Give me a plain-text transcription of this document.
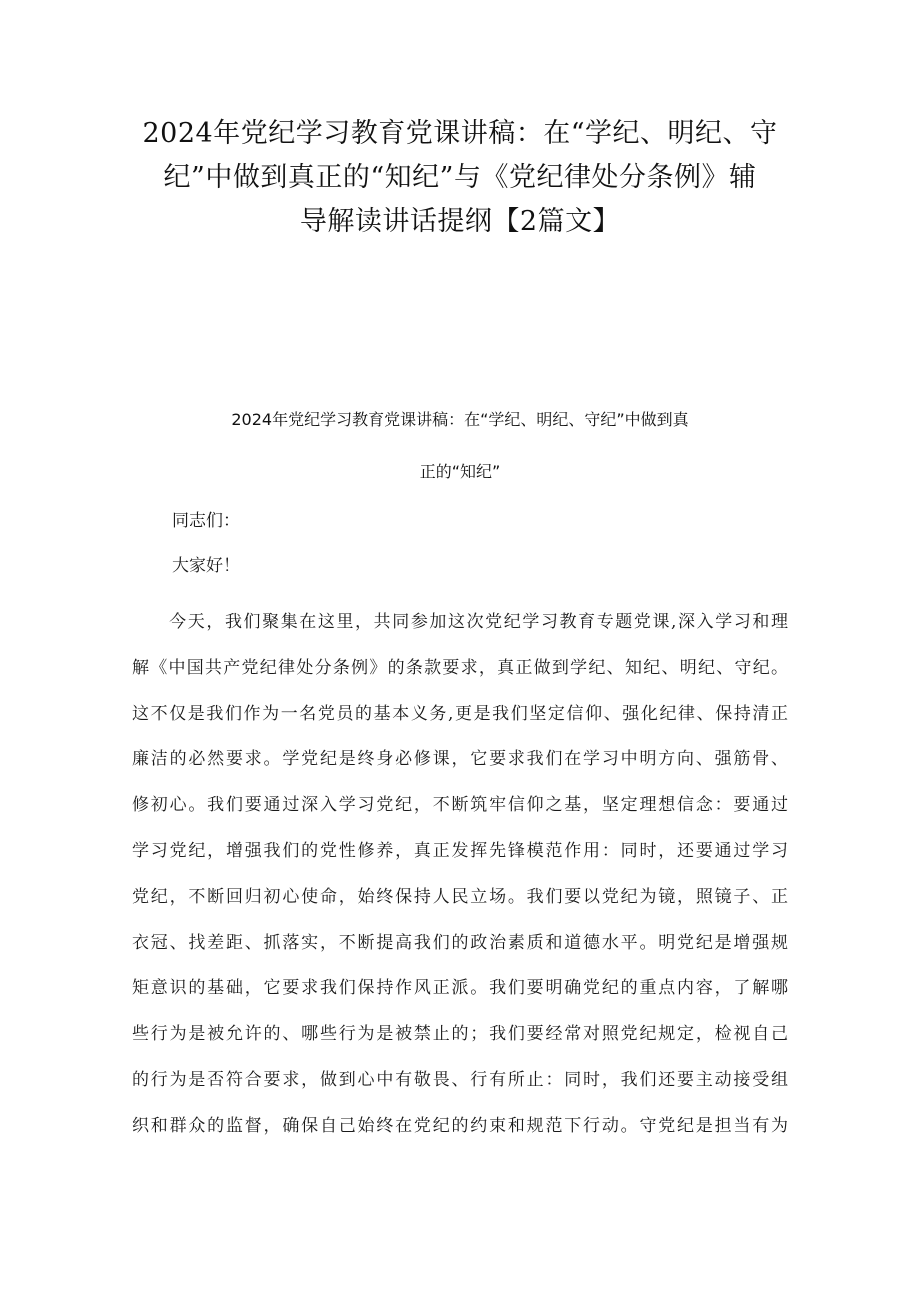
2024年党纪学习教育党课讲稿：在“学纪、明纪、守
纪”中做到真正的“知纪”与《党纪律处分条例》辅
导解读讲话提纲【2篇文】
2024年党纪学习教育党课讲稿：在“学纪、明纪、守纪”中做到真
正的“知纪”

同志们：

大家好！

　　今天，我们聚集在这里，共同参加这次党纪学习教育专题党课,深入学习和理
解《中国共产党纪律处分条例》的条款要求，真正做到学纪、知纪、明纪、守纪。
这不仅是我们作为一名党员的基本义务,更是我们坚定信仰、强化纪律、保持清正
廉洁的必然要求。学党纪是终身必修课，它要求我们在学习中明方向、强筋骨、
修初心。我们要通过深入学习党纪，不断筑牢信仰之基，坚定理想信念：要通过
学习党纪，增强我们的党性修养，真正发挥先锋模范作用：同时，还要通过学习
党纪，不断回归初心使命，始终保持人民立场。我们要以党纪为镜，照镜子、正
衣冠、找差距、抓落实，不断提高我们的政治素质和道德水平。明党纪是增强规
矩意识的基础，它要求我们保持作风正派。我们要明确党纪的重点内容，了解哪
些行为是被允许的、哪些行为是被禁止的；我们要经常对照党纪规定，检视自己
的行为是否符合要求，做到心中有敬畏、行有所止：同时，我们还要主动接受组
织和群众的监督，确保自己始终在党纪的约束和规范下行动。守党纪是担当有为
